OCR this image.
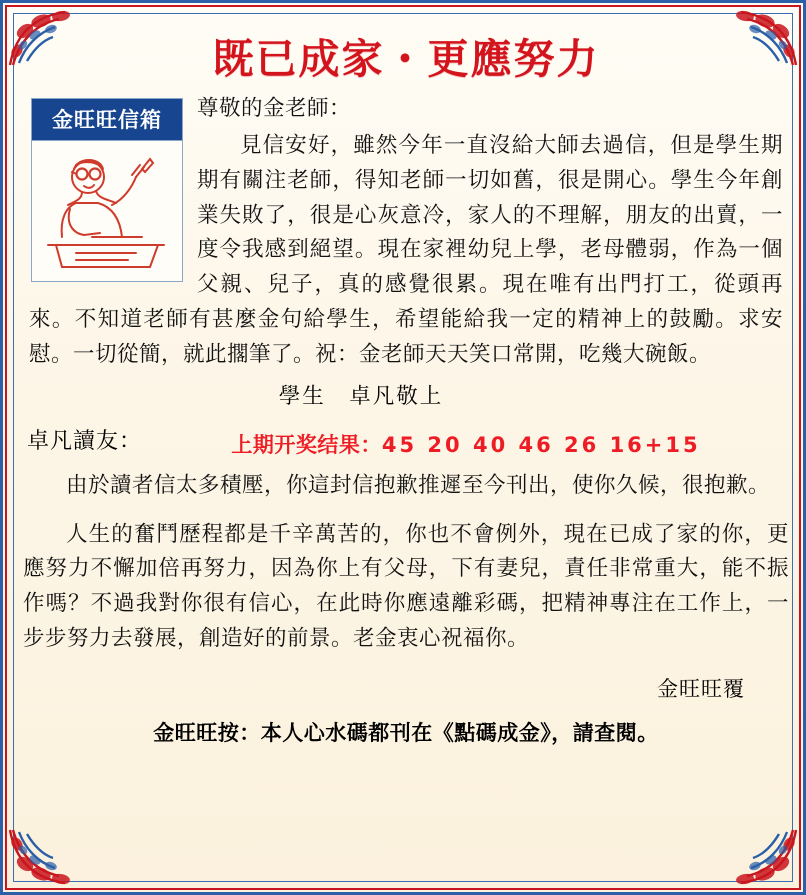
既已成家・更應努力
金旺旺信箱	尊敬的金老師：

見信安好，雖然今年一直沒給大師去過信，但是學生期期有關注老師，得知老師一切如舊，很是開心。學生今年創業失敗了，很是心灰意冷，家人的不理解，朋友的出賣，一度令我感到絕望。現在家裡幼兒上學，老母體弱，作為一個父親、兒子，真的感覺很累。現在唯有出門打工，從頭再來。不知道老師有甚麼金句給學生，希望能給我一定的精神上的鼓勵。求安慰。一切從簡，就此擱筆了。祝：金老師天天笑口常開，吃幾大碗飯。

學生　卓凡敬上
卓凡讀友：	上期开奖结果：45 20 40 46 26 16+15

由於讀者信太多積壓，你這封信抱歉推遲至今刊出，使你久候，很抱歉。

人生的奮鬥歷程都是千辛萬苦的，你也不會例外，現在已成了家的你，更應努力不懈加倍再努力，因為你上有父母，下有妻兒，責任非常重大，能不振作嗎？不過我對你很有信心，在此時你應遠離彩碼，把精神專注在工作上，一步步努力去發展，創造好的前景。老金衷心祝福你。

金旺旺覆
金旺旺按：本人心水碼都刊在《點碼成金》，請查閱。
